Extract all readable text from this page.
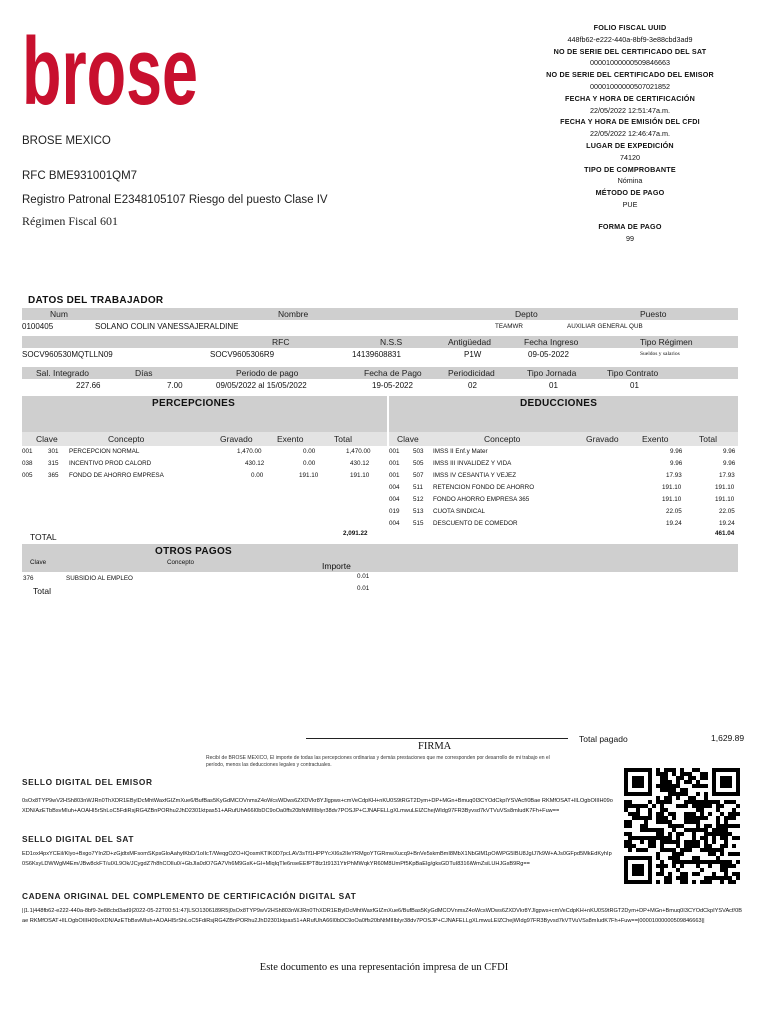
brose
BROSE MEXICO
RFC BME931001QM7
Registro Patronal E2348105107 Riesgo del puesto Clase IV
Régimen Fiscal 601
FOLIO FISCAL UUID
448fb62-e222-440a-8bf9-3e88cbd3ad9
NO DE SERIE DEL CERTIFICADO DEL SAT
00001000000509846663
NO DE SERIE DEL CERTIFICADO DEL EMISOR
00001000000507021852
FECHA Y HORA DE CERTIFICACIÓN
22/05/2022 12:51:47a.m.
FECHA Y HORA DE EMISIÓN DEL CFDI
22/05/2022 12:46:47a.m.
LUGAR DE EXPEDICIÓN
74120
TIPO DE COMPROBANTE
Nómina
MÉTODO DE PAGO
PUE
FORMA DE PAGO
99
DATOS DEL TRABAJADOR
Num	Nombre	Depto	Puesto
0100405	SOLANO COLIN VANESSAJERALDINE	TEAMWR	AUXILIAR GENERAL QUB
RFC	N.S.S	Antigüedad	Fecha Ingreso	Tipo Régimen
SOCV960530MQTLLN09	SOCV9605306R9	14139608831	P1W	09-05-2022	Sueldos y salarios
Sal. Integrado	Días	Periodo de pago	Fecha de Pago	Periodicidad	Tipo Jornada	Tipo Contrato
227.66	7.00	09/05/2022 al 15/05/2022	19-05-2022	02	01	01
PERCEPCIONES	DEDUCCIONES
Clave	Concepto	Gravado	Exento	Total	Clave	Concepto	Gravado	Exento	Total
001 301 PERCEPCION NORMAL	1,470.00	0.00	1,470.00
038 315 INCENTIVO PROD CALORD	430.12	0.00	430.12
005 365 FONDO DE AHORRO EMPRESA	0.00	191.10	191.10
001 503 IMSS II Enf.y Mater	9.96	9.96
001 505 IMSS III INVALIDEZ Y VIDA	9.96	9.96
001 507 IMSS IV CESANTIA Y VEJEZ	17.93	17.93
004 511 RETENCION FONDO DE AHORRO	191.10	191.10
004 512 FONDO AHORRO EMPRESA 365	191.10	191.10
019 513 CUOTA SINDICAL	22.05	22.05
004 515 DESCUENTO DE COMEDOR	19.24	19.24
TOTAL	2,091.22	461.04
OTROS PAGOS
Clave	Concepto	Importe
376	SUBSIDIO AL EMPLEO	0.01
Total	0.01
FIRMA
Recibí de BROSE MEXICO, El importe de todas las percepciones ordinarias y demás prestaciones que me corresponden por desarrollo de mi trabajo en el período, menos las deducciones legales y contractuales.
Total pagado	1,629.89
SELLO DIGITAL DEL EMISOR
0sOx8TYP9wV2HSh803nWJRn0ThXDR1EBylDcMhtWaxfGIZmXue6/BufBas5KyGdMCOVnmsZ4oWcsWDws6ZXDVkr8YJlgpws+cmVeCdpKH+nKU0S9tRGT2Dym+DP+MGn+Bmuq0I3CYOdCkpIYSVAcf/0Bae RKMfOSAT+lILOgbOIIIH09oXDN/AzETbBsvMIuh+AOAHI5rShLoC5FdiRsjRG4ZBnPORhu2JhD2301ktpas51+ARufUhA66I0bDC9oOa0ffs20bNtMIIIblyr38dv7POSJP+CJNAFELLgXLmwuLElZChejWIdg97FR3Byvsd7kVTVuVSs8mIudK7Fh+Fuw==
SELLO DIGITAL DEL SAT
ED1oxl4pxYCEil/Klyo+Bxgo7YIn2D+zGjdtxMFsomSKpsGloAahyIKbD/1oIIcT/WeqgOZO+IQosmKTIK0D7pcLAV3sTf1HPPYcXI6s2lIeYRMgoYTGRmwXucq9+BnVe5skmBmI8MbX1NbGlM1pOiWPG5IBU8JgIJ7k9W+AJs0GFpd5MkEdKyhIp0S6KsyLDWWgM4Em/JBw8ckFT/uIXL9Ok/JCygdZ7h8hCOlIu0/+GbJIa0dO7GA7Vh6M9GsK+GI+MlqIqTle6nseEEfPT8tz1t9131YtrPhMWqkYR60M8UmPf5KpBaEIg/gksGDTuI8316iWmZsiLUHJGsB9Rg==
CADENA ORIGINAL DEL COMPLEMENTO DE CERTIFICACIÓN DIGITAL SAT
||1.1|448fb62-e222-440a-8bf9-3e88cbd3ad9|2022-05-22T00:51:47|LSO1306189R5|0sOx8TYP9wV2HSh803nWJRn0ThXDR1EBylDcMhtWaxfGIZmXue6/BufBas5KyGdMCOVnmsZ4oWcsWDws6ZXDVkr8YJlgpws+cmVeCdpKH+nKU0S9tRGT2Dym+DP+MGn+Bmuq0I3CYOdCkpIYSVAcf/0Bae RKMfOSAT+lILOgbOIIIH09oXDN/AzETbBsvMIuh+AOAHI5rShLoC5FdiRsjRG4ZBnPORhu2JhD2301ktpas51+ARufUhA66I0bDC9oOa0ffs20bNtMIIIblyr38dv7POSJP+CJNAFELLgXLmwuLElZChejWIdg97FR3Byvsd7kVTVuVSs8mIudK7Fh+Fuw==|00001000000509846663||
Este documento es una representación impresa de un CFDI
